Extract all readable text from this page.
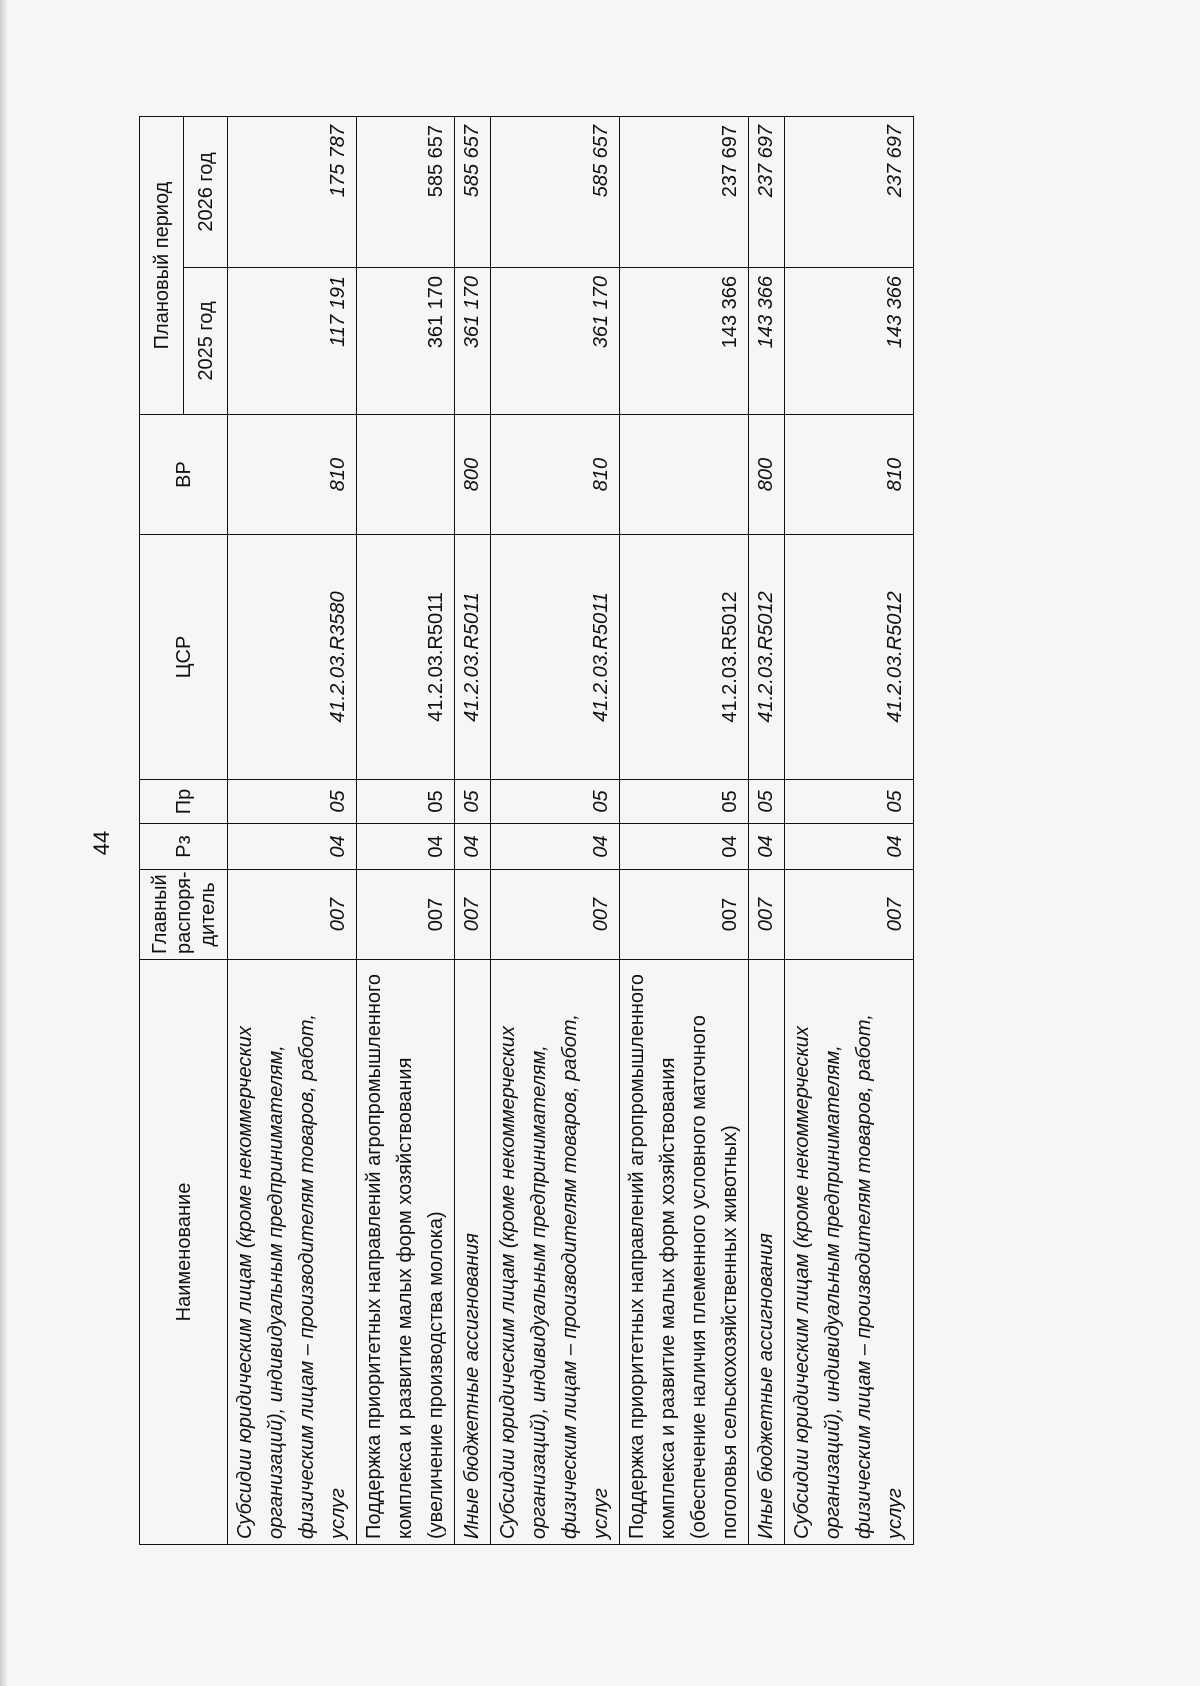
44
Наименование	Главный распоря- дитель	Рз	Пр	ЦСР	ВР	Плановый период	
						2025 год	2026 год
Субсидии юридическим лицам (кроме некоммерческих организаций), индивидуальным предпринимателям, физическим лицам – производителям товаров, работ, услуг	007	04	05	41.2.03.R3580	810	117 191	175 787
Поддержка приоритетных направлений агропромышленного комплекса и развитие малых форм хозяйствования (увеличение производства молока)	007	04	05	41.2.03.R5011		361 170	585 657
Иные бюджетные ассигнования	007	04	05	41.2.03.R5011	800	361 170	585 657
Субсидии юридическим лицам (кроме некоммерческих организаций), индивидуальным предпринимателям, физическим лицам – производителям товаров, работ, услуг	007	04	05	41.2.03.R5011	810	361 170	585 657
Поддержка приоритетных направлений агропромышленного комплекса и развитие малых форм хозяйствования (обеспечение наличия племенного условного маточного поголовья сельскохозяйственных животных)	007	04	05	41.2.03.R5012		143 366	237 697
Иные бюджетные ассигнования	007	04	05	41.2.03.R5012	800	143 366	237 697
Субсидии юридическим лицам (кроме некоммерческих организаций), индивидуальным предпринимателям, физическим лицам – производителям товаров, работ, услуг	007	04	05	41.2.03.R5012	810	143 366	237 697
